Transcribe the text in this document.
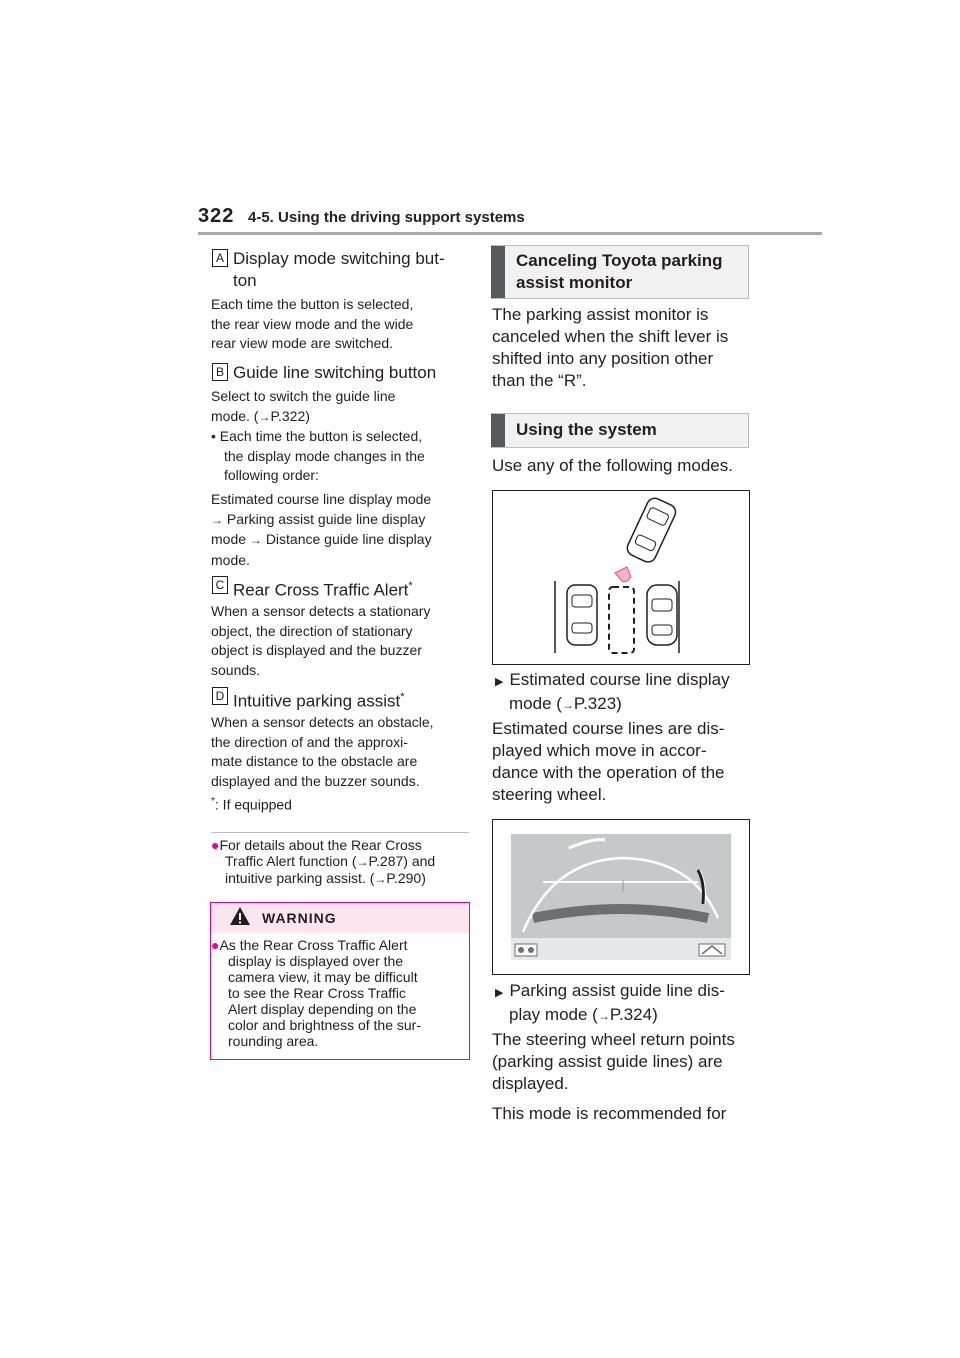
322 4-5. Using the driving support systems
A Display mode switching but-
ton
Each time the button is selected,
the rear view mode and the wide
rear view mode are switched.
B Guide line switching button
Select to switch the guide line
mode. (→P.322)
• Each time the button is selected,
the display mode changes in the
following order:
Estimated course line display mode
→ Parking assist guide line display
mode → Distance guide line display
mode.
C Rear Cross Traffic Alert*
When a sensor detects a stationary
object, the direction of stationary
object is displayed and the buzzer
sounds.
D Intuitive parking assist*
When a sensor detects an obstacle,
the direction of and the approxi-
mate distance to the obstacle are
displayed and the buzzer sounds.
*: If equipped
●For details about the Rear Cross
Traffic Alert function (→P.287) and
intuitive parking assist. (→P.290)
WARNING
●As the Rear Cross Traffic Alert
display is displayed over the
camera view, it may be difficult
to see the Rear Cross Traffic
Alert display depending on the
color and brightness of the sur-
rounding area.
Canceling Toyota parking
assist monitor
The parking assist monitor is
canceled when the shift lever is
shifted into any position other
than the “R”.
Using the system
Use any of the following modes.
▶ Estimated course line display
mode (→P.323)
Estimated course lines are dis-
played which move in accor-
dance with the operation of the
steering wheel.
▶ Parking assist guide line dis-
play mode (→P.324)
The steering wheel return points
(parking assist guide lines) are
displayed.
This mode is recommended for
